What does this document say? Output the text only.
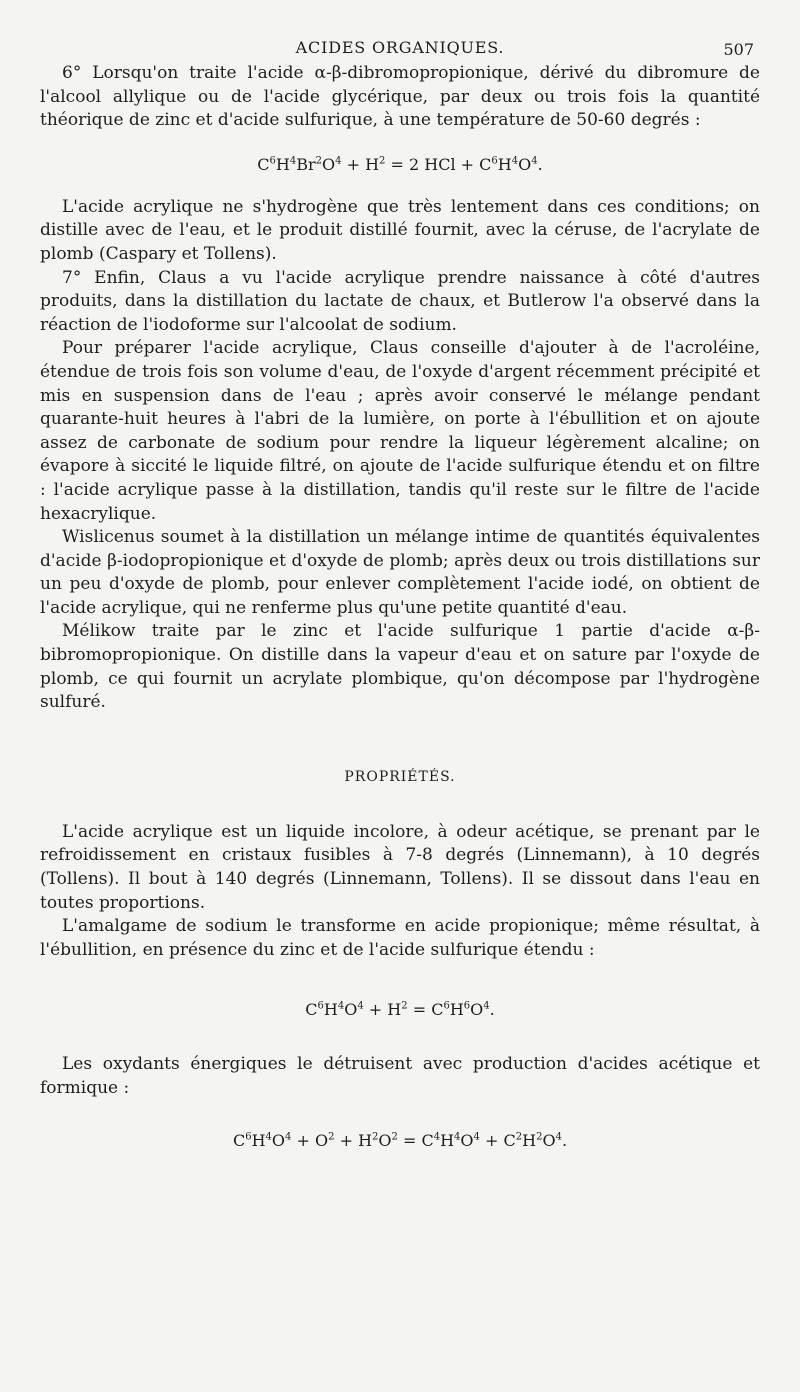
ACIDES ORGANIQUES.	507

6° Lorsqu'on traite l'acide α-β-dibromopropionique, dérivé du dibromure de l'alcool allylique ou de l'acide glycérique, par deux ou trois fois la quantité théorique de zinc et d'acide sulfurique, à une température de 50-60 degrés :

$C^6H^4Br^2O^4 + H^2 = 2$ HCl + $C^6H^4O^4$.

L'acide acrylique ne s'hydrogène que très lentement dans ces conditions; on distille avec de l'eau, et le produit distillé fournit, avec la céruse, de l'acrylate de plomb (Caspary et Tollens).

7° Enfin, Claus a vu l'acide acrylique prendre naissance à côté d'autres produits, dans la distillation du lactate de chaux, et Butlerow l'a observé dans la réaction de l'iodoforme sur l'alcoolat de sodium.

Pour préparer l'acide acrylique, Claus conseille d'ajouter à de l'acroléine, étendue de trois fois son volume d'eau, de l'oxyde d'argent récemment précipité et mis en suspension dans de l'eau ; après avoir conservé le mélange pendant quarante-huit heures à l'abri de la lumière, on porte à l'ébullition et on ajoute assez de carbonate de sodium pour rendre la liqueur légèrement alcaline; on évapore à siccité le liquide filtré, on ajoute de l'acide sulfurique étendu et on filtre : l'acide acrylique passe à la distillation, tandis qu'il reste sur le filtre de l'acide hexacrylique.

Wislicenus soumet à la distillation un mélange intime de quantités équivalentes d'acide β-iodopropionique et d'oxyde de plomb; après deux ou trois distillations sur un peu d'oxyde de plomb, pour enlever complètement l'acide iodé, on obtient de l'acide acrylique, qui ne renferme plus qu'une petite quantité d'eau.

Mélikow traite par le zinc et l'acide sulfurique 1 partie d'acide α-β-bibromopropionique. On distille dans la vapeur d'eau et on sature par l'oxyde de plomb, ce qui fournit un acrylate plombique, qu'on décompose par l'hydrogène sulfuré.

PROPRIÉTÉS.

L'acide acrylique est un liquide incolore, à odeur acétique, se prenant par le refroidissement en cristaux fusibles à 7-8 degrés (Linnemann), à 10 degrés (Tollens). Il bout à 140 degrés (Linnemann, Tollens). Il se dissout dans l'eau en toutes proportions.

L'amalgame de sodium le transforme en acide propionique; même résultat, à l'ébullition, en présence du zinc et de l'acide sulfurique étendu :

$C^6H^4O^4 + H^2 = C^6H^6O^4$.

Les oxydants énergiques le détruisent avec production d'acides acétique et formique :

$C^6H^4O^4 + O^2 + H^2O^2 = C^4H^4O^4 + C^2H^2O^4$.
